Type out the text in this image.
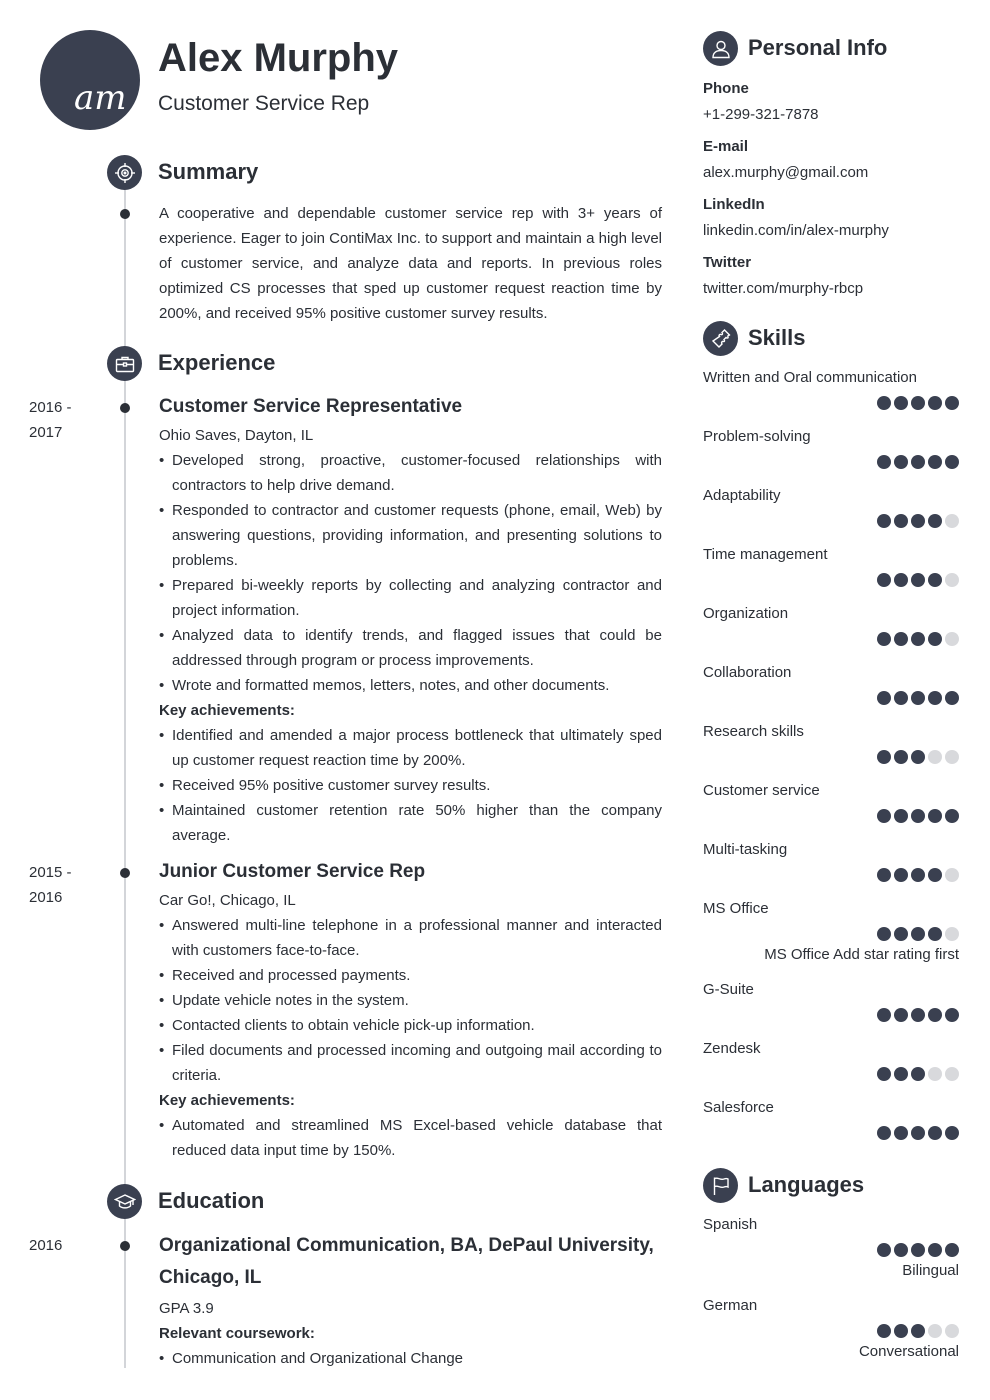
am
Alex Murphy
Customer Service Rep
Summary
A cooperative and dependable customer service rep with 3+ years of experience. Eager to join ContiMax Inc. to support and maintain a high level of customer service, and analyze data and reports. In previous roles optimized CS processes that sped up customer request reaction time by 200%, and received 95% positive customer survey results.
Experience
2016 -
2017
Customer Service Representative
Ohio Saves, Dayton, IL
• Developed strong, proactive, customer-focused relationships with contractors to help drive demand.
• Responded to contractor and customer requests (phone, email, Web) by answering questions, providing information, and presenting solutions to problems.
• Prepared bi-weekly reports by collecting and analyzing contractor and project information.
• Analyzed data to identify trends, and flagged issues that could be addressed through program or process improvements.
• Wrote and formatted memos, letters, notes, and other documents.
Key achievements:
• Identified and amended a major process bottleneck that ultimately sped up customer request reaction time by 200%.
• Received 95% positive customer survey results.
• Maintained customer retention rate 50% higher than the company average.
2015 -
2016
Junior Customer Service Rep
Car Go!, Chicago, IL
• Answered multi-line telephone in a professional manner and interacted with customers face-to-face.
• Received and processed payments.
• Update vehicle notes in the system.
• Contacted clients to obtain vehicle pick-up information.
• Filed documents and processed incoming and outgoing mail according to criteria.
Key achievements:
• Automated and streamlined MS Excel-based vehicle database that reduced data input time by 150%.
Education
2016	Organizational Communication, BA, DePaul University, Chicago, IL
GPA 3.9
Relevant coursework:
• Communication and Organizational Change
Personal Info
Phone
+1-299-321-7878
E-mail
alex.murphy@gmail.com
LinkedIn
linkedin.com/in/alex-murphy
Twitter
twitter.com/murphy-rbcp
Skills
Written and Oral communication
Problem-solving
Adaptability
Time management
Organization
Collaboration
Research skills
Customer service
Multi-tasking
MS Office
MS Office Add star rating first
G-Suite
Zendesk
Salesforce
Languages
Spanish
Bilingual
German
Conversational
